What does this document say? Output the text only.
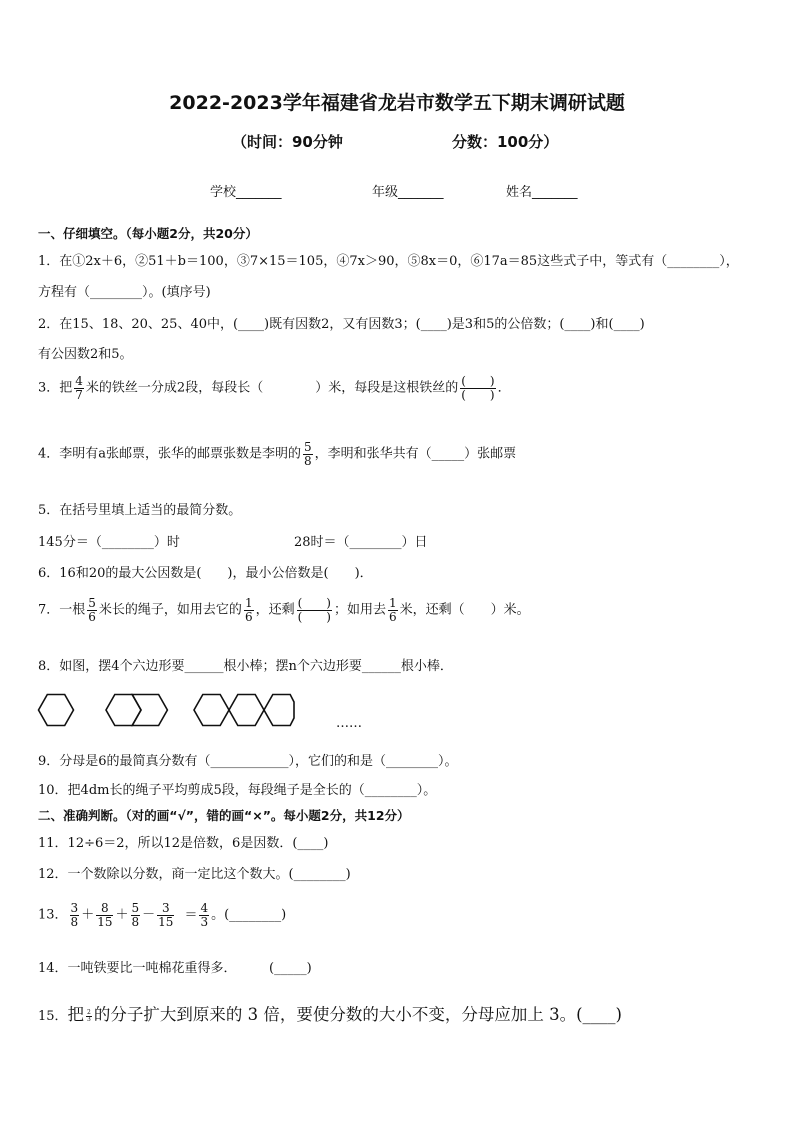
2022-2023学年福建省龙岩市数学五下期末调研试题
（时间：90分钟	分数：100分）
学校_______	年级_______	姓名_______
一、仔细填空。（每小题2分，共20分）
1．在①2x＋6，②51＋b＝100，③7×15＝105，④7x＞90，⑤8x＝0，⑥17a＝85这些式子中，等式有（________），
方程有（________）。(填序号)
2．在15、18、20、25、40中，(____)既有因数2，又有因数3；(____)是3和5的公倍数；(____)和(____)
有公因数2和5。
3．把 $\frac{4}{7}$ 米的铁丝一分成2段，每段长（　　　　）米，每段是这根铁丝的 $\frac{( )}{( )}$ ．
4．李明有a张邮票，张华的邮票张数是李明的 $\frac{5}{8}$ ，李明和张华共有（_____）张邮票
5．在括号里填上适当的最简分数。
145分＝（________）时	28时＝（________）日
6．16和20的最大公因数是(　　)，最小公倍数是(　　)．
7．一根 $\frac{5}{6}$ 米长的绳子，如用去它的 $\frac{1}{6}$ ，还剩 $\frac{( )}{( )}$ ；如用去 $\frac{1}{6}$ 米，还剩（　　）米。
8．如图，摆4个六边形要______根小棒；摆n个六边形要______根小棒．
……
9．分母是6的最简真分数有（____________），它们的和是（________）。
10．把4dm长的绳子平均剪成5段，每段绳子是全长的（________）。
二、准确判断。（对的画“√”，错的画“×”。每小题2分，共12分）
11．12÷6＝2，所以12是倍数，6是因数．(____)
12．一个数除以分数，商一定比这个数大。(________)
13． $\frac{3}{8} + \frac{8}{15} + \frac{5}{8} - \frac{3}{15} = \frac{4}{3}$ 。(________)
14．一吨铁要比一吨棉花重得多．　　　(_____)
15．把 $\frac{2}{3}$ 的分子扩大到原来的 3 倍，要使分数的大小不变，分母应加上 3。(____)
